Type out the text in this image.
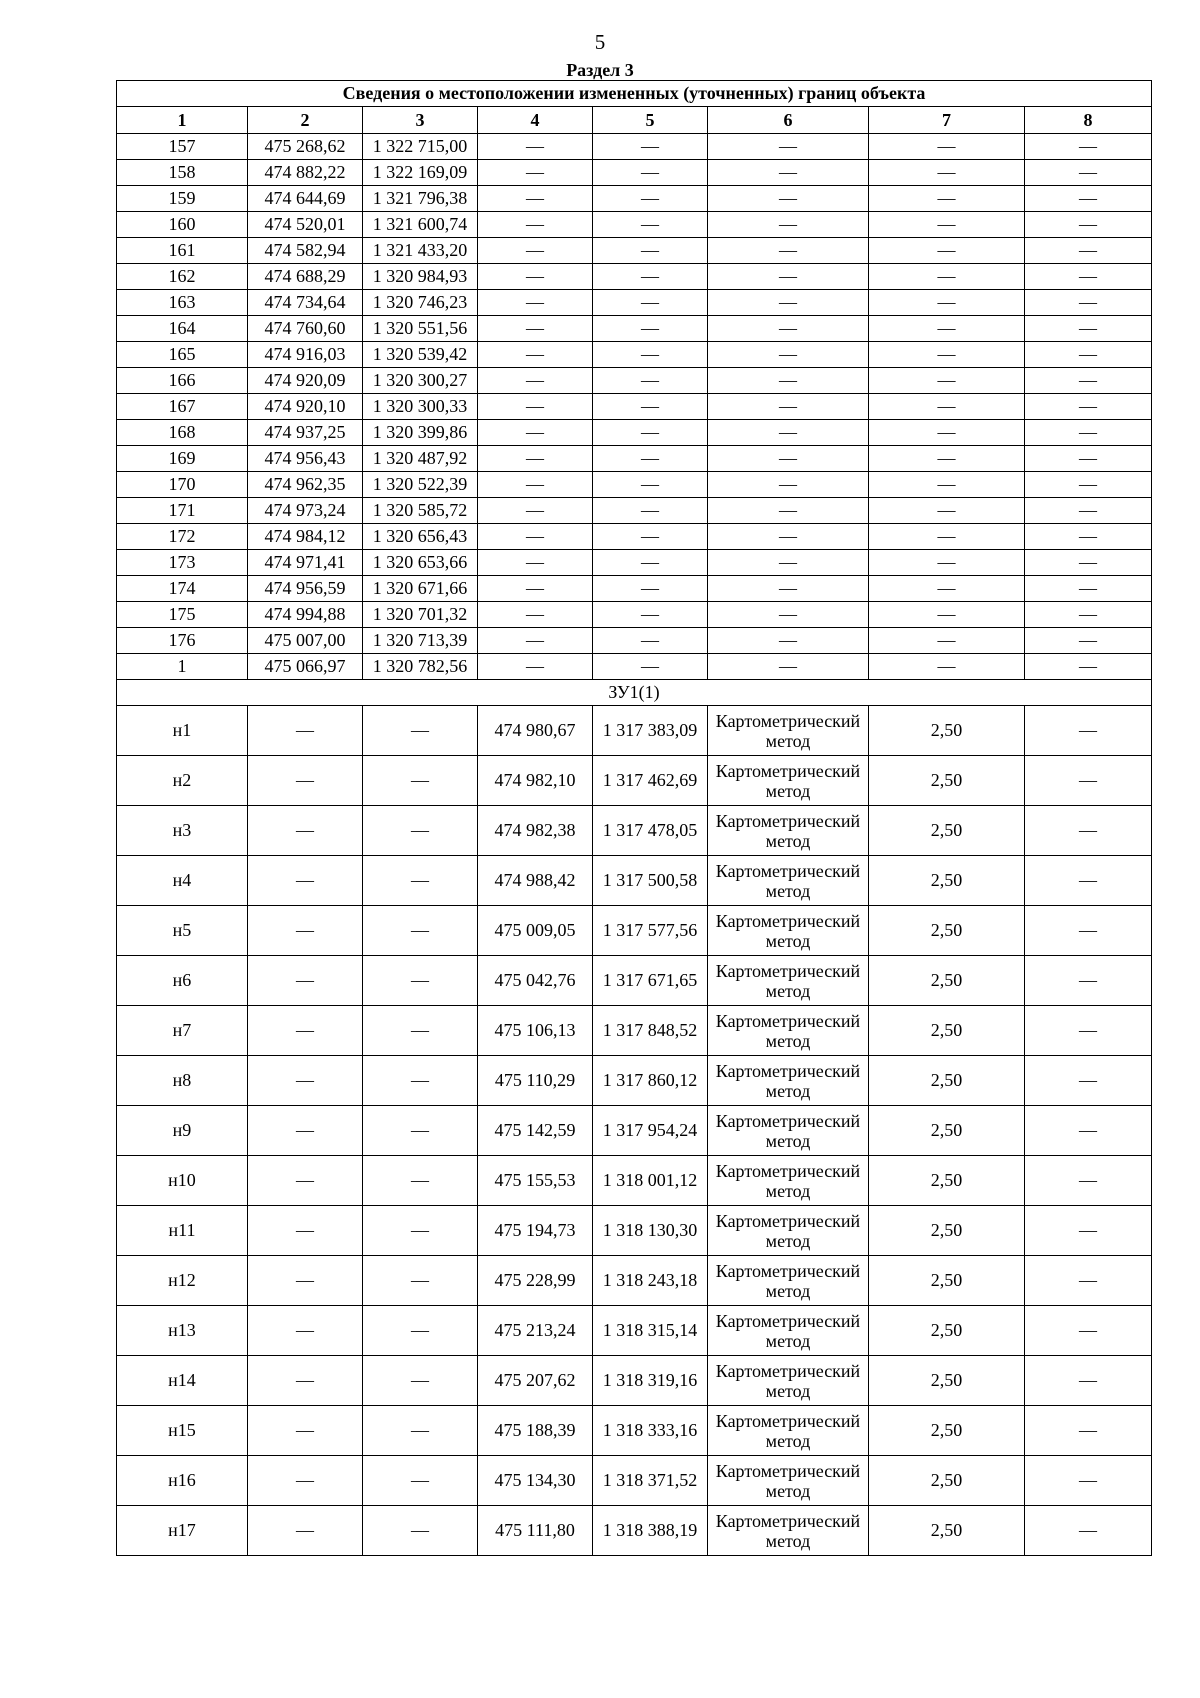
5
Раздел 3
Сведения о местоположении измененных (уточненных) границ объекта							
1	2	3	4	5	6	7	8
157	475 268,62	1 322 715,00	—	—	—	—	—
158	474 882,22	1 322 169,09	—	—	—	—	—
159	474 644,69	1 321 796,38	—	—	—	—	—
160	474 520,01	1 321 600,74	—	—	—	—	—
161	474 582,94	1 321 433,20	—	—	—	—	—
162	474 688,29	1 320 984,93	—	—	—	—	—
163	474 734,64	1 320 746,23	—	—	—	—	—
164	474 760,60	1 320 551,56	—	—	—	—	—
165	474 916,03	1 320 539,42	—	—	—	—	—
166	474 920,09	1 320 300,27	—	—	—	—	—
167	474 920,10	1 320 300,33	—	—	—	—	—
168	474 937,25	1 320 399,86	—	—	—	—	—
169	474 956,43	1 320 487,92	—	—	—	—	—
170	474 962,35	1 320 522,39	—	—	—	—	—
171	474 973,24	1 320 585,72	—	—	—	—	—
172	474 984,12	1 320 656,43	—	—	—	—	—
173	474 971,41	1 320 653,66	—	—	—	—	—
174	474 956,59	1 320 671,66	—	—	—	—	—
175	474 994,88	1 320 701,32	—	—	—	—	—
176	475 007,00	1 320 713,39	—	—	—	—	—
1	475 066,97	1 320 782,56	—	—	—	—	—
ЗУ1(1)							
н1	—	—	474 980,67	1 317 383,09	Картометрический метод	2,50	—
н2	—	—	474 982,10	1 317 462,69	Картометрический метод	2,50	—
н3	—	—	474 982,38	1 317 478,05	Картометрический метод	2,50	—
н4	—	—	474 988,42	1 317 500,58	Картометрический метод	2,50	—
н5	—	—	475 009,05	1 317 577,56	Картометрический метод	2,50	—
н6	—	—	475 042,76	1 317 671,65	Картометрический метод	2,50	—
н7	—	—	475 106,13	1 317 848,52	Картометрический метод	2,50	—
н8	—	—	475 110,29	1 317 860,12	Картометрический метод	2,50	—
н9	—	—	475 142,59	1 317 954,24	Картометрический метод	2,50	—
н10	—	—	475 155,53	1 318 001,12	Картометрический метод	2,50	—
н11	—	—	475 194,73	1 318 130,30	Картометрический метод	2,50	—
н12	—	—	475 228,99	1 318 243,18	Картометрический метод	2,50	—
н13	—	—	475 213,24	1 318 315,14	Картометрический метод	2,50	—
н14	—	—	475 207,62	1 318 319,16	Картометрический метод	2,50	—
н15	—	—	475 188,39	1 318 333,16	Картометрический метод	2,50	—
н16	—	—	475 134,30	1 318 371,52	Картометрический метод	2,50	—
н17	—	—	475 111,80	1 318 388,19	Картометрический метод	2,50	—
